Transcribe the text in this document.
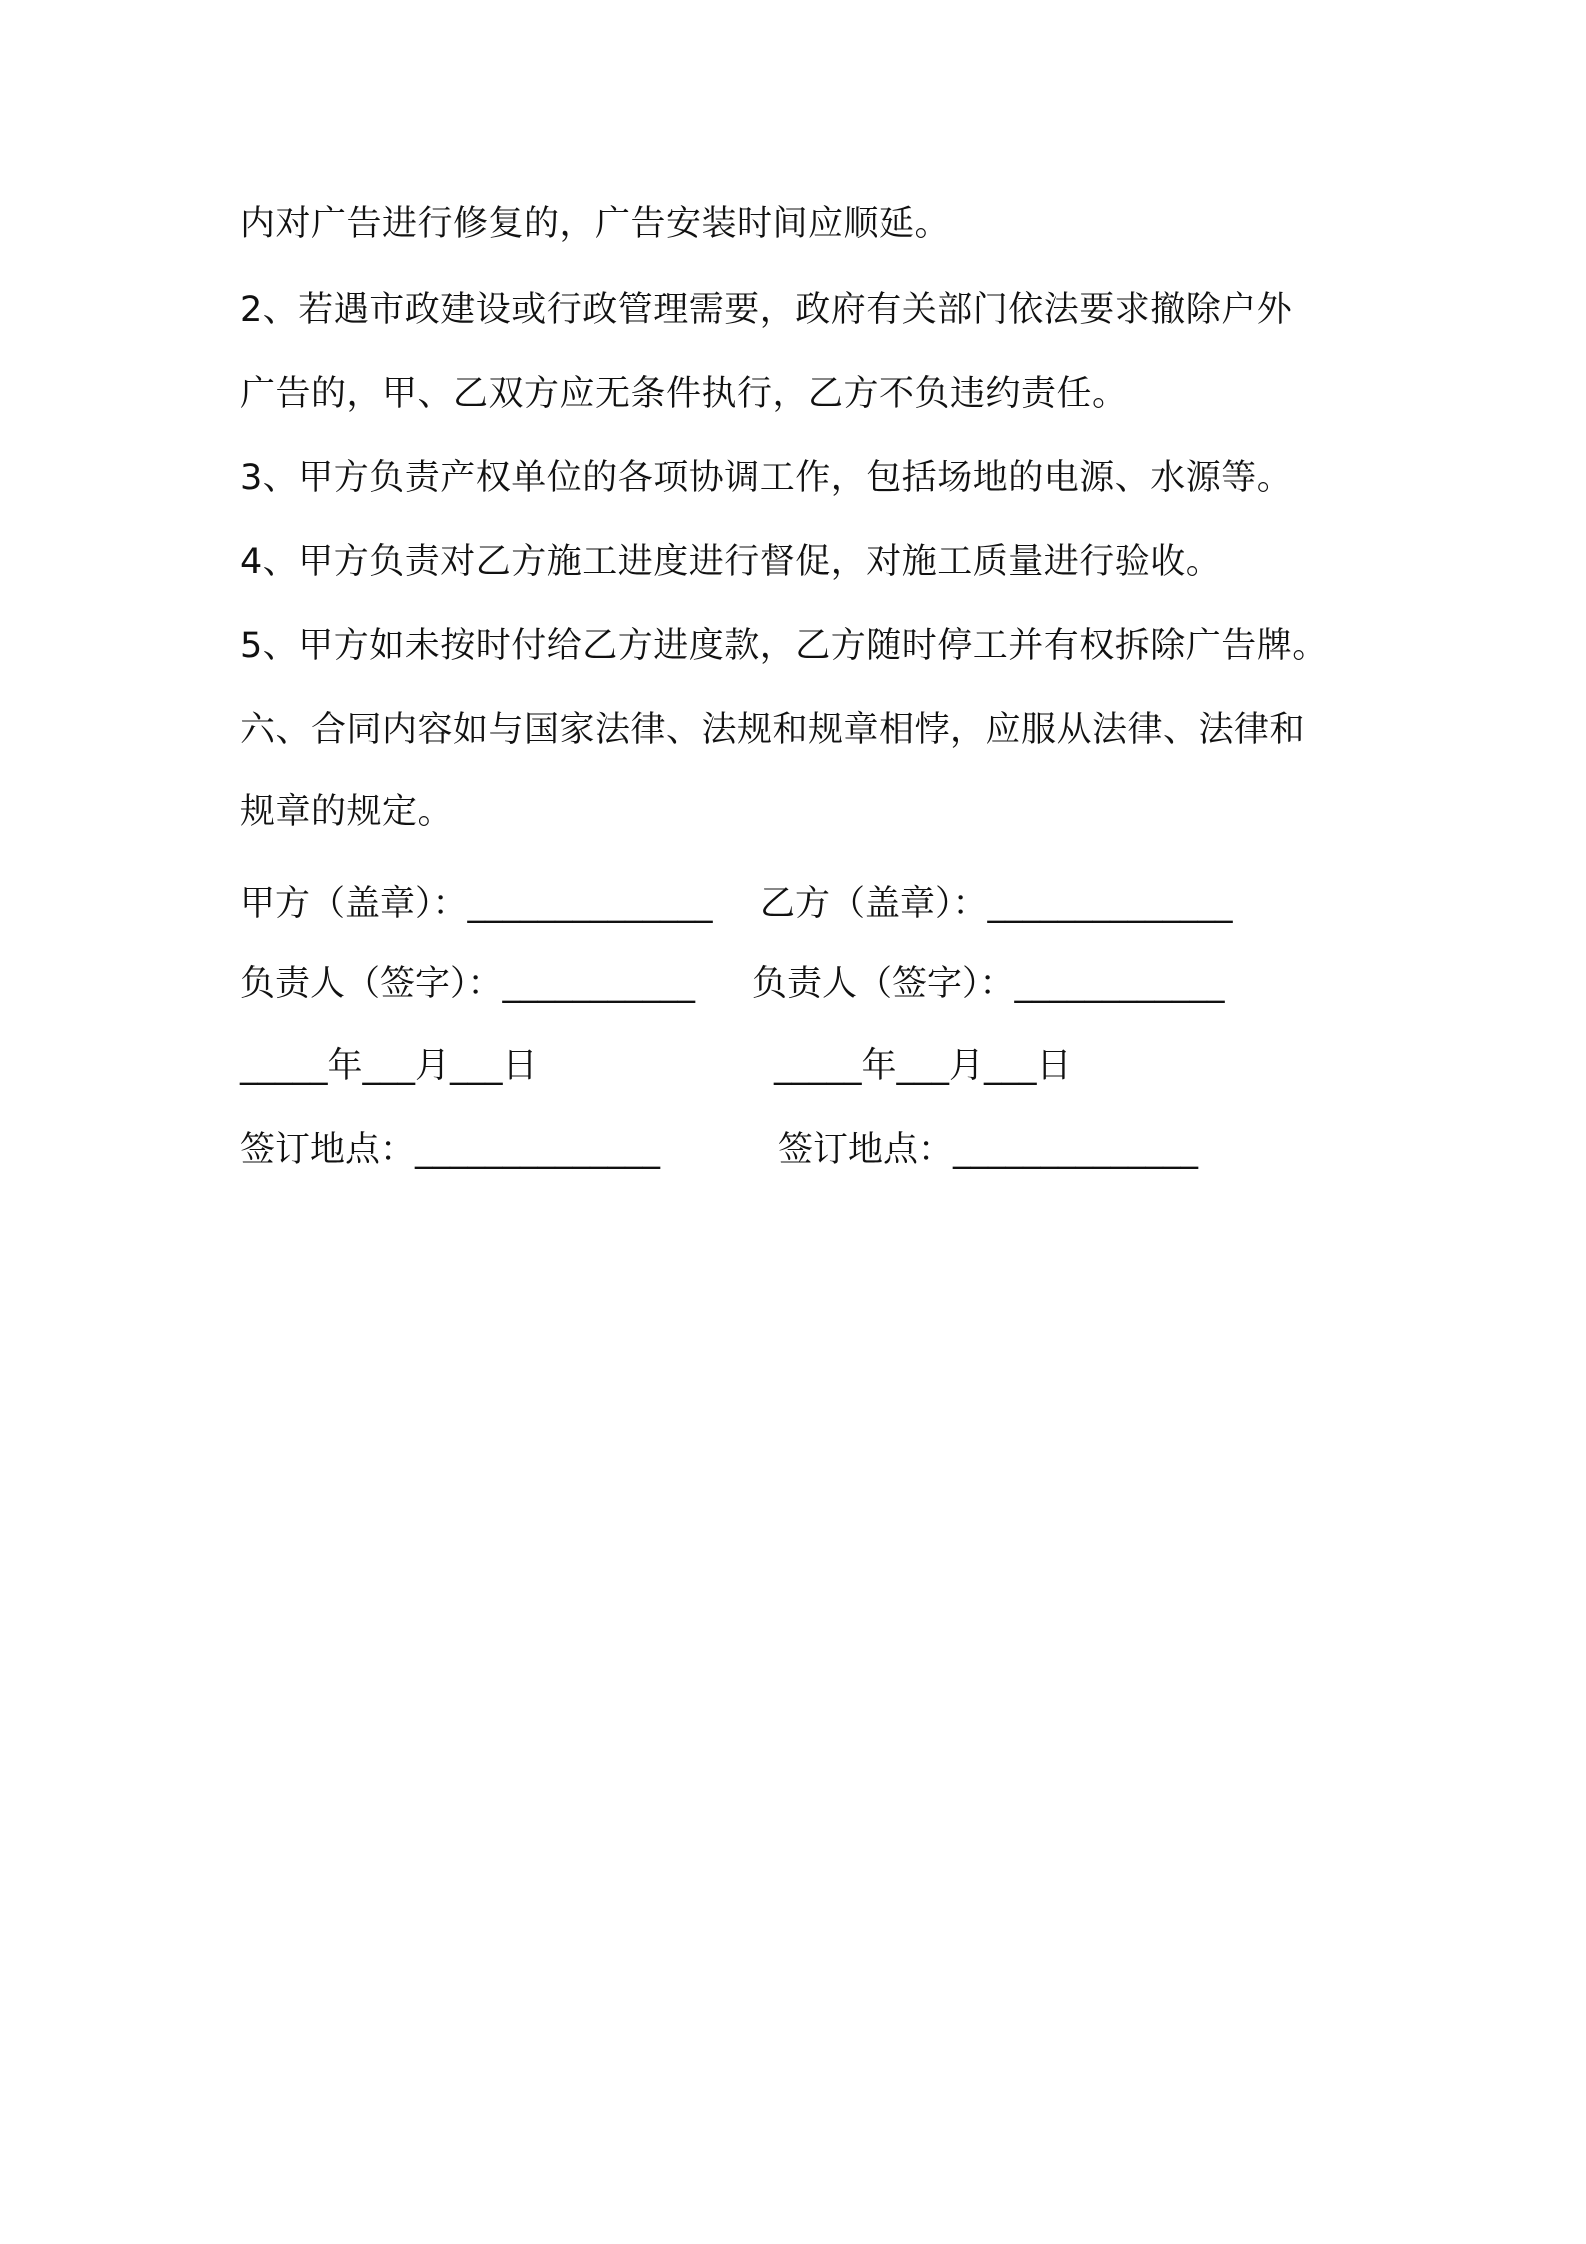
内对广告进行修复的，广告安装时间应顺延。
2、若遇市政建设或行政管理需要，政府有关部门依法要求撤除户外
广告的，甲、乙双方应无条件执行，乙方不负违约责任。
3、甲方负责产权单位的各项协调工作，包括场地的电源、水源等。
4、甲方负责对乙方施工进度进行督促，对施工质量进行验收。
5、甲方如未按时付给乙方进度款，乙方随时停工并有权拆除广告牌。
六、合同内容如与国家法律、法规和规章相悖，应服从法律、法律和
规章的规定。
甲方（盖章）：______________ 乙方（盖章）：______________
负责人（签字）：___________ 负责人（签字）：____________
_____年___月___日	_____年___月___日
签订地点：______________	签订地点：______________
